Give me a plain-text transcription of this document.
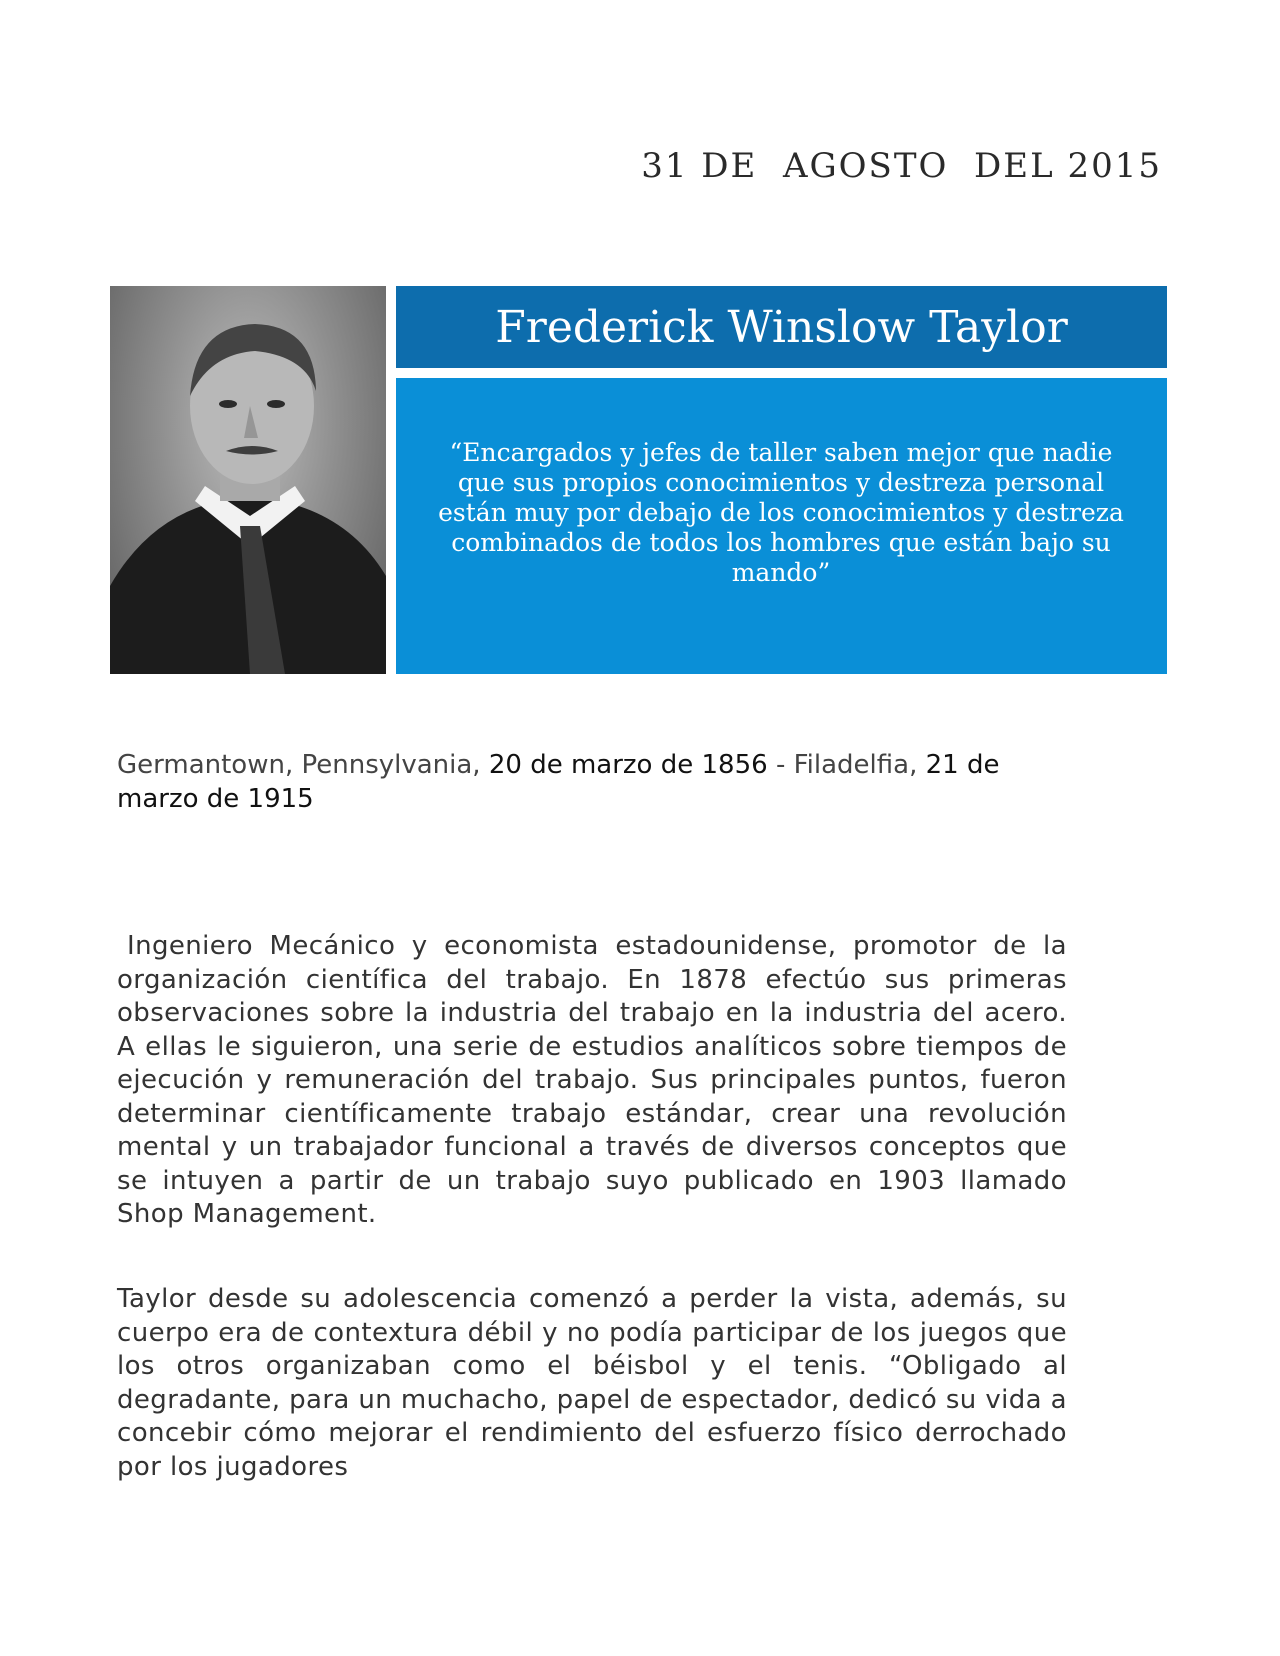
31 DE  AGOSTO  DEL 2015
Frederick Winslow Taylor

“Encargados y jefes de taller saben mejor que nadie que sus propios conocimientos y destreza personal están muy por debajo de los conocimientos y destreza combinados de todos los hombres que están bajo su mando”

Germantown, Pennsylvania, 20 de marzo de 1856 - Filadelfia, 21 de marzo de 1915

Ingeniero Mecánico y economista estadounidense, promotor de la organización científica del trabajo. En 1878 efectúo sus primeras observaciones sobre la industria del trabajo en la industria del acero. A ellas le siguieron, una serie de estudios analíticos sobre tiempos de ejecución y remuneración del trabajo. Sus principales puntos, fueron determinar científicamente trabajo estándar, crear una revolución mental y un trabajador funcional a través de diversos conceptos que se intuyen a partir de un trabajo suyo publicado en 1903 llamado Shop Management.

Taylor desde su adolescencia comenzó a perder la vista, además, su cuerpo era de contextura débil y no podía participar de los juegos que los otros organizaban como el béisbol y el tenis. “Obligado al degradante, para un muchacho, papel de espectador, dedicó su vida a concebir cómo mejorar el rendimiento del esfuerzo físico derrochado por los jugadores
